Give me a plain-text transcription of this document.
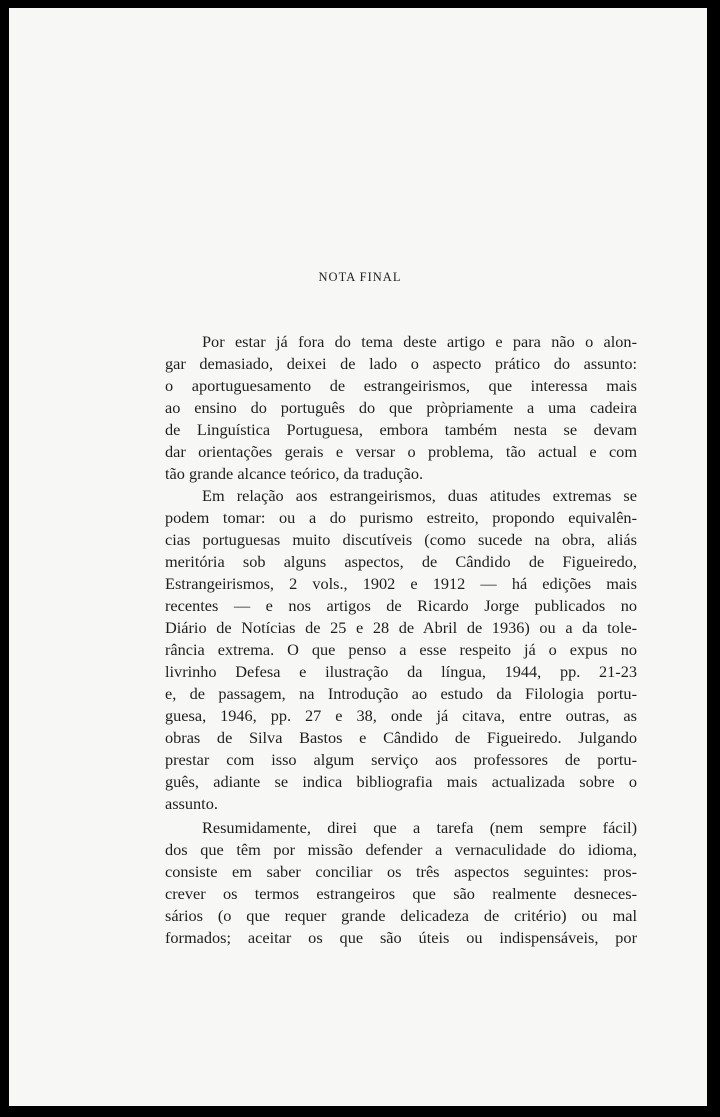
NOTA FINAL
Por estar já fora do tema deste artigo e para não o alon-
gar demasiado, deixei de lado o aspecto prático do assunto:
o aportuguesamento de estrangeirismos, que interessa mais
ao ensino do português do que pròpriamente a uma cadeira
de Linguística Portuguesa, embora também nesta se devam
dar orientações gerais e versar o problema, tão actual e com
tão grande alcance teórico, da tradução.
Em relação aos estrangeirismos, duas atitudes extremas se
podem tomar: ou a do purismo estreito, propondo equivalên-
cias portuguesas muito discutíveis (como sucede na obra, aliás
meritória sob alguns aspectos, de Cândido de Figueiredo,
Estrangeirismos, 2 vols., 1902 e 1912 — há edições mais
recentes — e nos artigos de Ricardo Jorge publicados no
Diário de Notícias de 25 e 28 de Abril de 1936) ou a da tole-
rância extrema. O que penso a esse respeito já o expus no
livrinho Defesa e ilustração da língua, 1944, pp. 21-23
e, de passagem, na Introdução ao estudo da Filologia portu-
guesa, 1946, pp. 27 e 38, onde já citava, entre outras, as
obras de Silva Bastos e Cândido de Figueiredo. Julgando
prestar com isso algum serviço aos professores de portu-
guês, adiante se indica bibliografia mais actualizada sobre o
assunto.
Resumidamente, direi que a tarefa (nem sempre fácil)
dos que têm por missão defender a vernaculidade do idioma,
consiste em saber conciliar os três aspectos seguintes: pros-
crever os termos estrangeiros que são realmente desneces-
sários (o que requer grande delicadeza de critério) ou mal
formados; aceitar os que são úteis ou indispensáveis, por
